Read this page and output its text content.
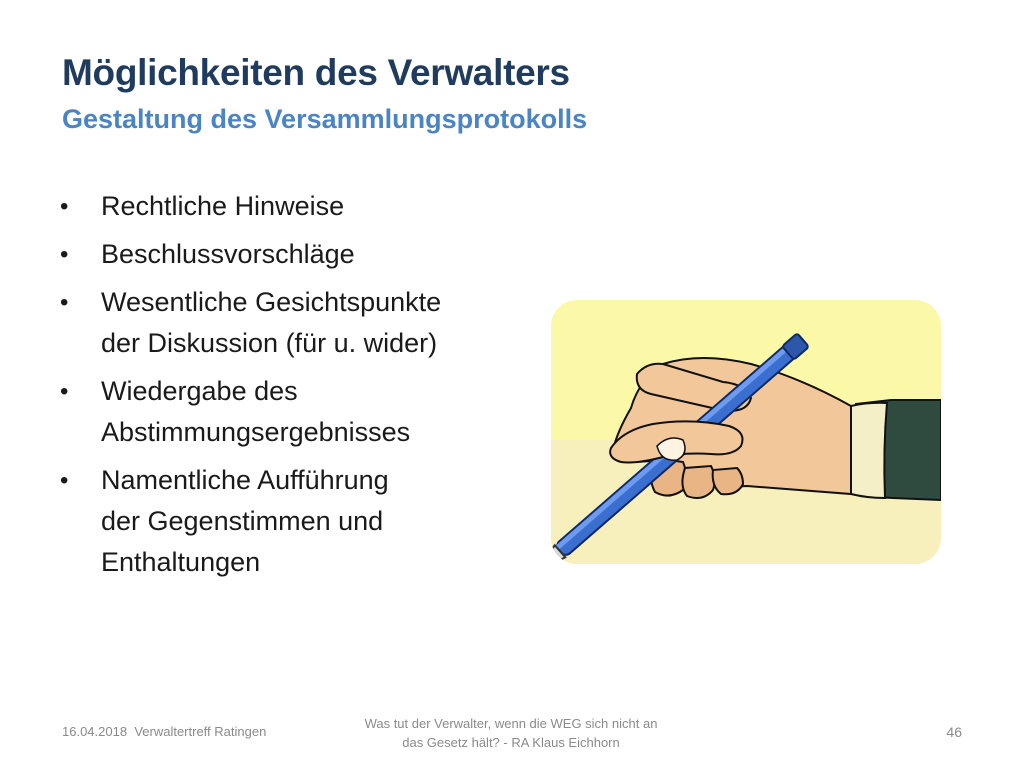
Möglichkeiten des Verwalters
Gestaltung des Versammlungsprotokolls
• Rechtliche Hinweise
• Beschlussvorschläge
• Wesentliche Gesichtspunkte
der Diskussion (für u. wider)
• Wiedergabe des
Abstimmungsergebnisses
• Namentliche Aufführung
der Gegenstimmen und
Enthaltungen
16.04.2018 Verwaltertreff Ratingen
Was tut der Verwalter, wenn die WEG sich nicht an
das Gesetz hält? - RA Klaus Eichhorn
46
